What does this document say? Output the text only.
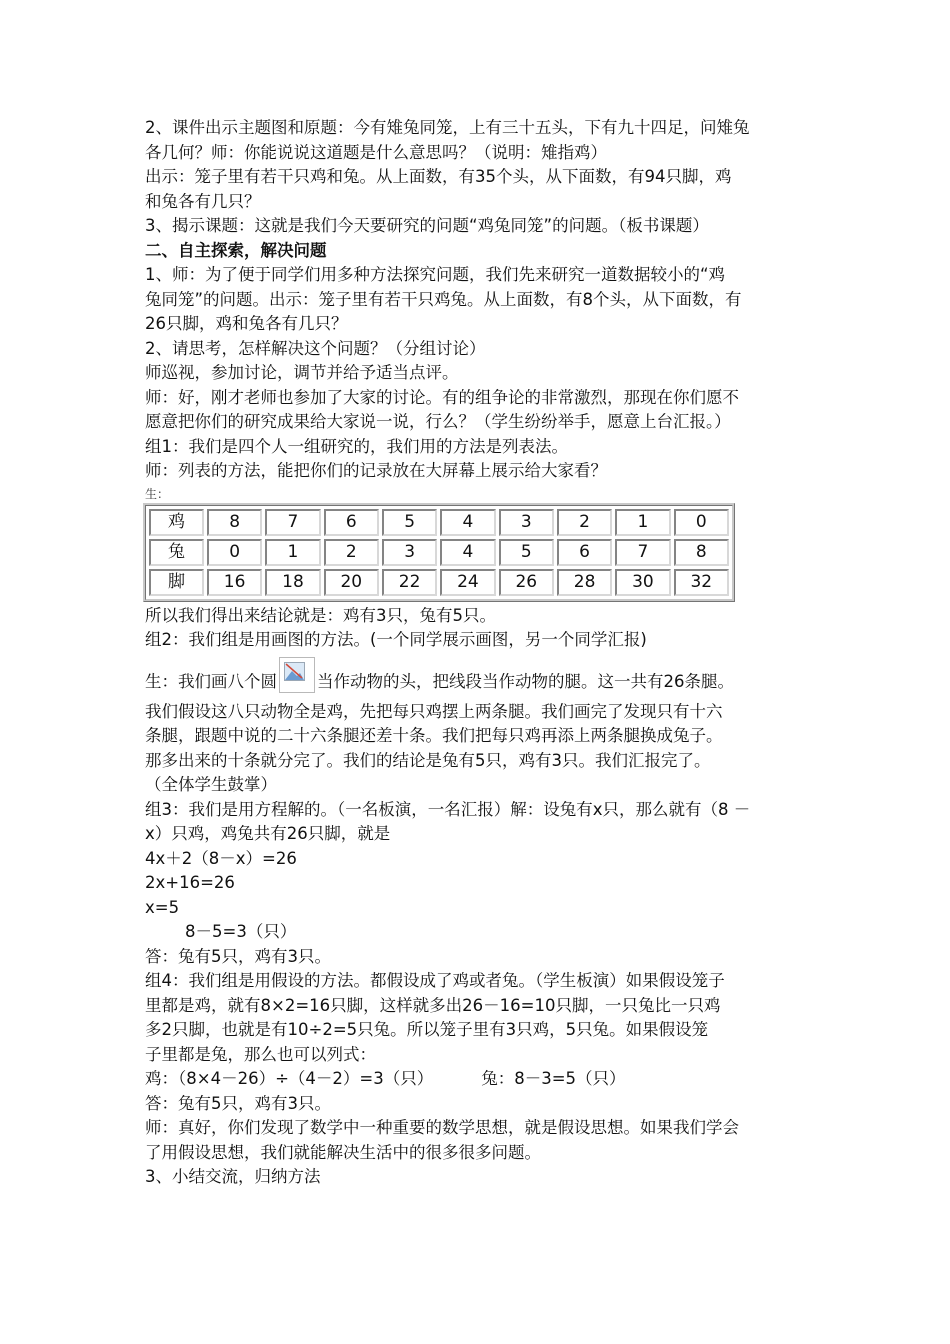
2、课件出示主题图和原题：今有雉兔同笼，上有三十五头，下有九十四足，问雉兔

各几何？师：你能说说这道题是什么意思吗？（说明：雉指鸡）

出示：笼子里有若干只鸡和兔。从上面数，有35个头，从下面数，有94只脚，鸡

和兔各有几只？

3、揭示课题：这就是我们今天要研究的问题“鸡兔同笼”的问题。（板书课题）

二、自主探索，解决问题

1、师：为了便于同学们用多种方法探究问题，我们先来研究一道数据较小的“鸡

兔同笼”的问题。出示：笼子里有若干只鸡兔。从上面数，有8个头，从下面数，有

26只脚，鸡和兔各有几只？

2、请思考，怎样解决这个问题？（分组讨论）

师巡视，参加讨论，调节并给予适当点评。

师：好，刚才老师也参加了大家的讨论。有的组争论的非常激烈，那现在你们愿不

愿意把你们的研究成果给大家说一说，行么？（学生纷纷举手，愿意上台汇报。）

组1：我们是四个人一组研究的，我们用的方法是列表法。

师：列表的方法，能把你们的记录放在大屏幕上展示给大家看？

生：

鸡	8	7	6	5	4	3	2	1	0
兔	0	1	2	3	4	5	6	7	8
脚	16	18	20	22	24	26	28	30	32

所以我们得出来结论就是：鸡有3只，兔有5只。

组2：我们组是用画图的方法。(一个同学展示画图，另一个同学汇报)

生：我们画八个圆 当作动物的头，把线段当作动物的腿。这一共有26条腿。

我们假设这八只动物全是鸡，先把每只鸡摆上两条腿。我们画完了发现只有十六

条腿，跟题中说的二十六条腿还差十条。我们把每只鸡再添上两条腿换成兔子。

那多出来的十条就分完了。我们的结论是兔有5只，鸡有3只。我们汇报完了。

（全体学生鼓掌）

组3：我们是用方程解的。（一名板演，一名汇报）解：设兔有x只，那么就有（8 －

x）只鸡，鸡兔共有26只脚，就是

4x＋2（8－x）=26

2x+16=26

x=5

8－5=3（只）

答：兔有5只，鸡有3只。

组4：我们组是用假设的方法。都假设成了鸡或者兔。（学生板演）如果假设笼子

里都是鸡，就有8×2=16只脚，这样就多出26－16=10只脚，一只兔比一只鸡

多2只脚，也就是有10÷2=5只兔。所以笼子里有3只鸡，5只兔。如果假设笼

子里都是兔，那么也可以列式：

鸡：（8×4－26）÷（4－2）=3（只）	兔：8－3=5（只）

答：兔有5只，鸡有3只。

师：真好，你们发现了数学中一种重要的数学思想，就是假设思想。如果我们学会

了用假设思想，我们就能解决生活中的很多很多问题。

3、小结交流，归纳方法
